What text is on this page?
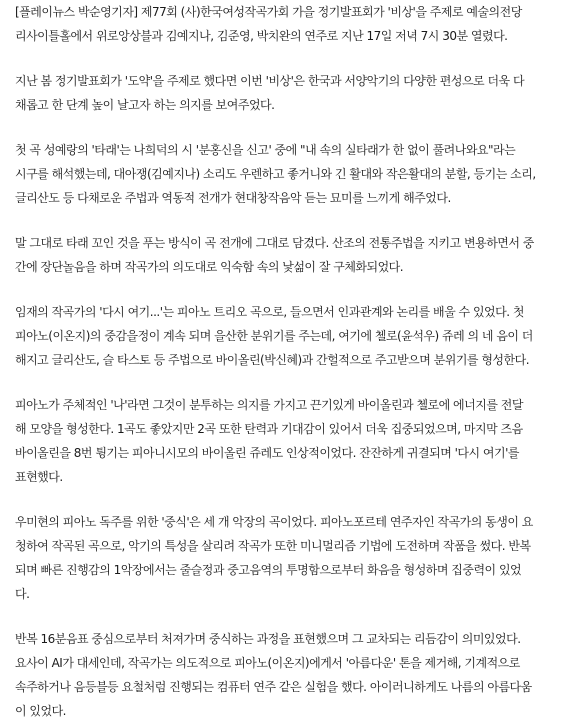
[플레이뉴스 박순영기자] 제77회 (사)한국여성작곡가회 가을 정기발표회가 '비상'을 주제로 예술의전당
리사이틀홀에서 위로앙상블과 김예지나, 김준영, 박치완의 연주로 지난 17일 저녁 7시 30분 열렸다.

지난 봄 정기발표회가 '도약'을 주제로 했다면 이번 '비상'은 한국과 서양악기의 다양한 편성으로 더욱 다
채롭고 한 단계 높이 날고자 하는 의지를 보여주었다.

첫 곡 성예랑의 '타래'는 나희덕의 시 '분홍신을 신고' 중에 "내 속의 실타래가 한 없이 풀려나와요"라는
시구를 해석했는데, 대아쟁(김예지나) 소리도 우렌하고 좋거니와 긴 활대와 작은활대의 분할, 등기는 소리,
글리산도 등 다채로운 주법과 역동적 전개가 현대창작음악 듣는 묘미를 느끼게 해주었다.

말 그대로 타래 꼬인 것을 푸는 방식이 곡 전개에 그대로 담겼다. 산조의 전통주법을 지키고 변용하면서 중
간에 장단놀음을 하며 작곡가의 의도대로 익숙함 속의 낯섦이 잘 구체화되었다.

임재의 작곡가의 '다시 여기...'는 피아노 트리오 곡으로, 들으면서 인과관계와 논리를 배울 수 있었다. 첫
피아노(이온지)의 중감을정이 계속 되며 을산한 분위기를 주는데, 여기에 첼로(윤석우) 쥬레 의 네 음이 더
해지고 글리산도, 슬 타스토 등 주법으로 바이올린(박신혜)과 간헐적으로 주고받으며 분위기를 형성한다.

피아노가 주체적인 '나'라면 그것이 분투하는 의지를 가지고 끈기있게 바이올린과 첼로에 에너지를 전달
해 모양을 형성한다. 1곡도 좋았지만 2곡 또한 탄력과 기대감이 있어서 더욱 집중되었으며, 마지막 즈음
바이올린을 8번 튕기는 피아니시모의 바이올린 쥬레도 인상적이었다. 잔잔하게 귀결되며 '다시 여기'를
표현했다.

우미현의 피아노 독주를 위한 '중식'은 세 개 악장의 곡이었다. 피아노포르테 연주자인 작곡가의 동생이 요
청하여 작곡된 곡으로, 악기의 특성을 살리려 작곡가 또한 미니멀리즘 기법에 도전하며 작품을 썼다. 반복
되며 빠른 진행감의 1악장에서는 줄슬정과 중고음역의 투명함으로부터 화음을 형성하며 집중력이 있었
다.

반복 16분음표 중심으로부터 처져가며 중식하는 과정을 표현했으며 그 교차되는 리듬감이 의미있었다.
요사이 AI가 대세인데, 작곡가는 의도적으로 피아노(이온지)에게서 '아름다운' 톤을 제거해, 기계적으로
속주하거나 음등블등 요철처럼 진행되는 컴퓨터 연주 같은 실험을 했다. 아이러니하게도 나름의 아름다움
이 있었다.
